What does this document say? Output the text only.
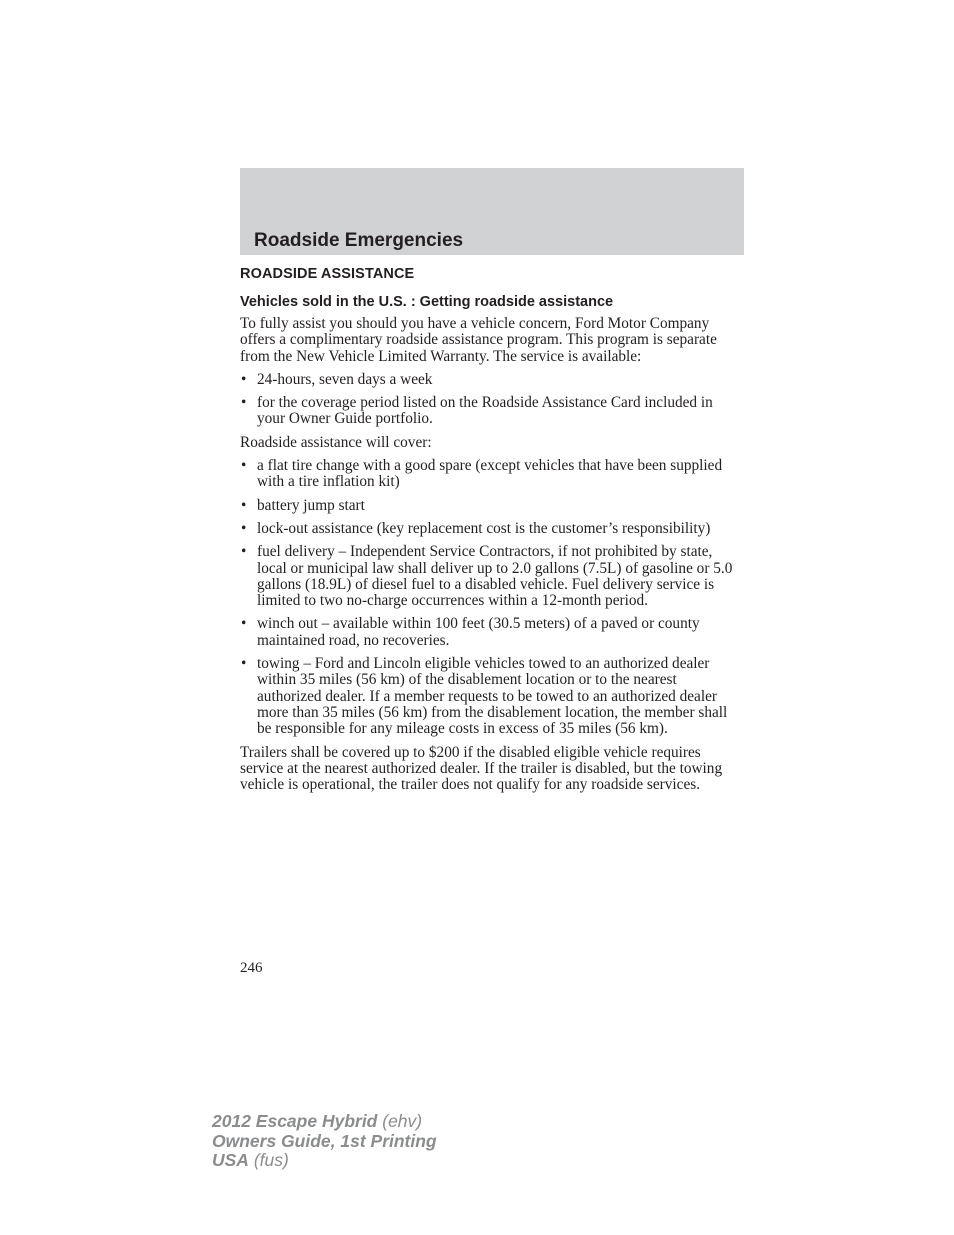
Roadside Emergencies
ROADSIDE ASSISTANCE
Vehicles sold in the U.S. : Getting roadside assistance

To fully assist you should you have a vehicle concern, Ford Motor Company offers a complimentary roadside assistance program. This program is separate from the New Vehicle Limited Warranty. The service is available:

• 24-hours, seven days a week
• for the coverage period listed on the Roadside Assistance Card included in your Owner Guide portfolio.

Roadside assistance will cover:

• a flat tire change with a good spare (except vehicles that have been supplied with a tire inflation kit)
• battery jump start
• lock-out assistance (key replacement cost is the customer’s responsibility)
• fuel delivery – Independent Service Contractors, if not prohibited by state, local or municipal law shall deliver up to 2.0 gallons (7.5L) of gasoline or 5.0 gallons (18.9L) of diesel fuel to a disabled vehicle. Fuel delivery service is limited to two no-charge occurrences within a 12-month period.
• winch out – available within 100 feet (30.5 meters) of a paved or county maintained road, no recoveries.
• towing – Ford and Lincoln eligible vehicles towed to an authorized dealer within 35 miles (56 km) of the disablement location or to the nearest authorized dealer. If a member requests to be towed to an authorized dealer more than 35 miles (56 km) from the disablement location, the member shall be responsible for any mileage costs in excess of 35 miles (56 km).

Trailers shall be covered up to $200 if the disabled eligible vehicle requires service at the nearest authorized dealer. If the trailer is disabled, but the towing vehicle is operational, the trailer does not qualify for any roadside services.

246
2012 Escape Hybrid (ehv)
Owners Guide, 1st Printing
USA (fus)
